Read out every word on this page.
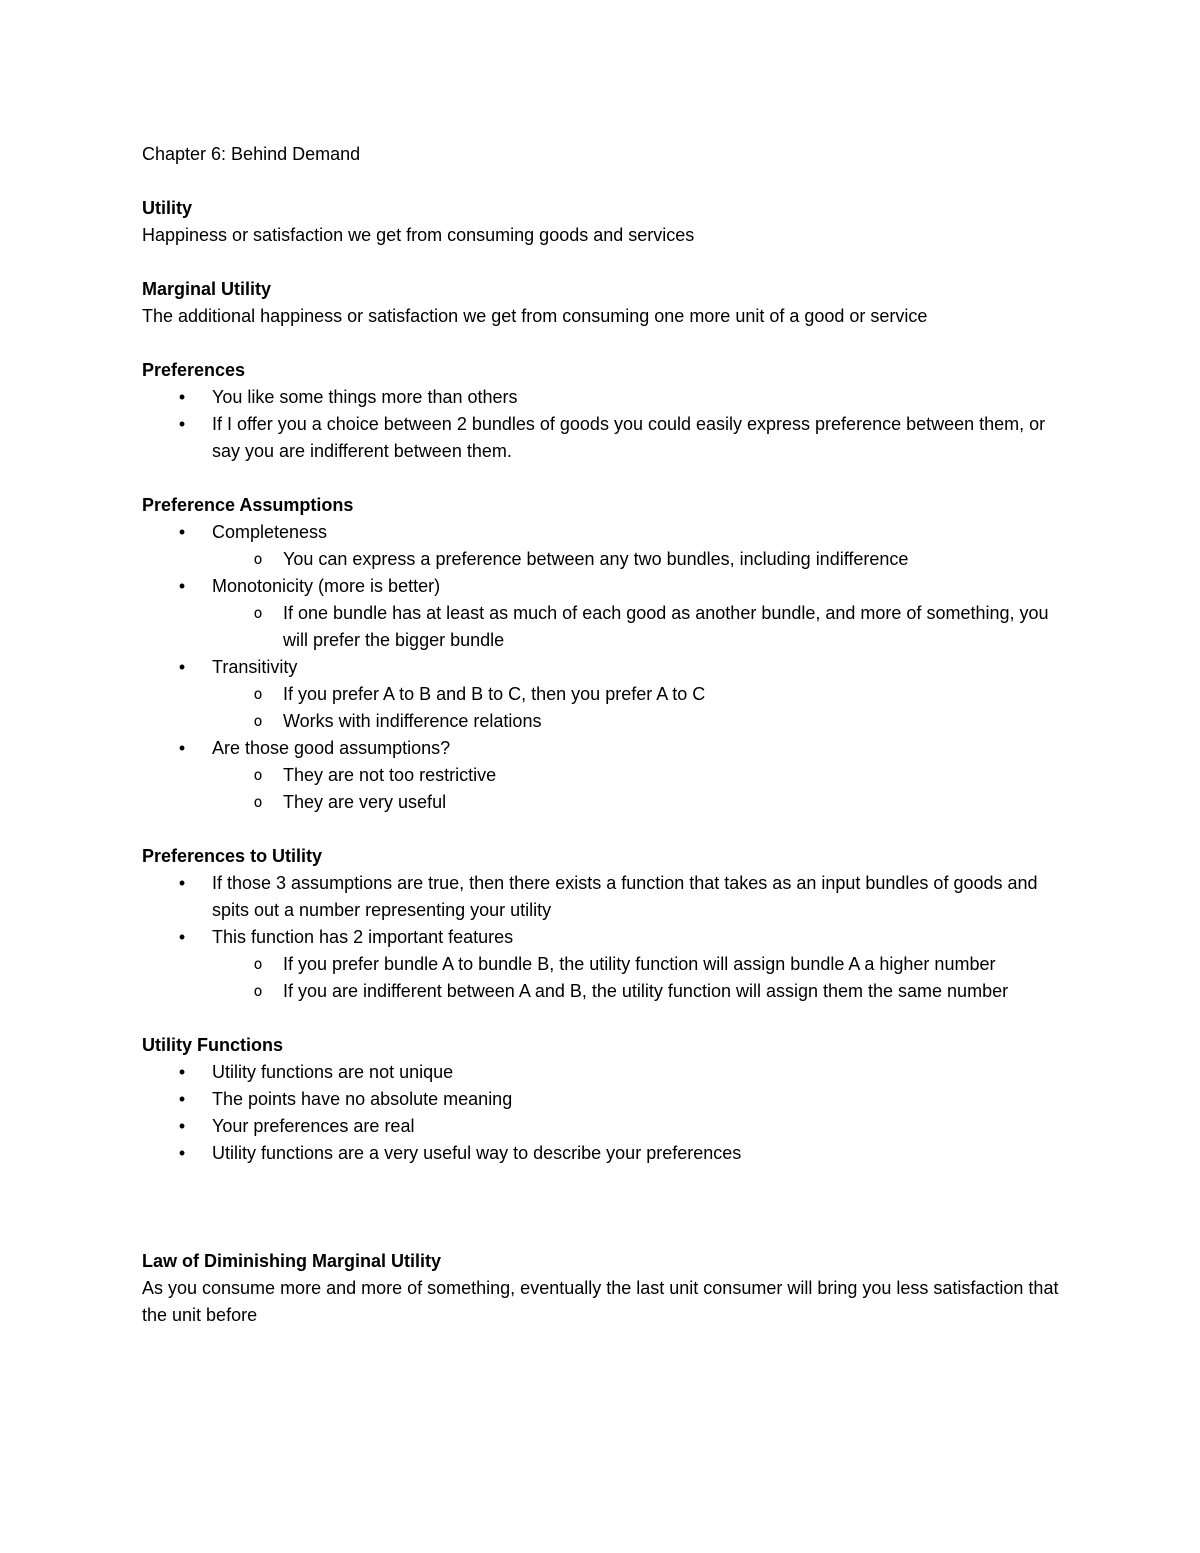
Chapter 6: Behind Demand

Utility

Happiness or satisfaction we get from consuming goods and services

Marginal Utility

The additional happiness or satisfaction we get from consuming one more unit of a good or service

Preferences

•	You like some things more than others
•	If I offer you a choice between 2 bundles of goods you could easily express preference between them, or say you are indifferent between them.

Preference Assumptions

•	Completeness
o You can express a preference between any two bundles, including indifference
•	Monotonicity (more is better)
o If one bundle has at least as much of each good as another bundle, and more of something, you will prefer the bigger bundle
•	Transitivity
o If you prefer A to B and B to C, then you prefer A to C
o Works with indifference relations
•	Are those good assumptions?
o They are not too restrictive
o They are very useful

Preferences to Utility

•	If those 3 assumptions are true, then there exists a function that takes as an input bundles of goods and spits out a number representing your utility
•	This function has 2 important features
o If you prefer bundle A to bundle B, the utility function will assign bundle A a higher number
o If you are indifferent between A and B, the utility function will assign them the same number

Utility Functions

•	Utility functions are not unique
•	The points have no absolute meaning
•	Your preferences are real
•	Utility functions are a very useful way to describe your preferences

Law of Diminishing Marginal Utility

As you consume more and more of something, eventually the last unit consumer will bring you less satisfaction that the unit before
